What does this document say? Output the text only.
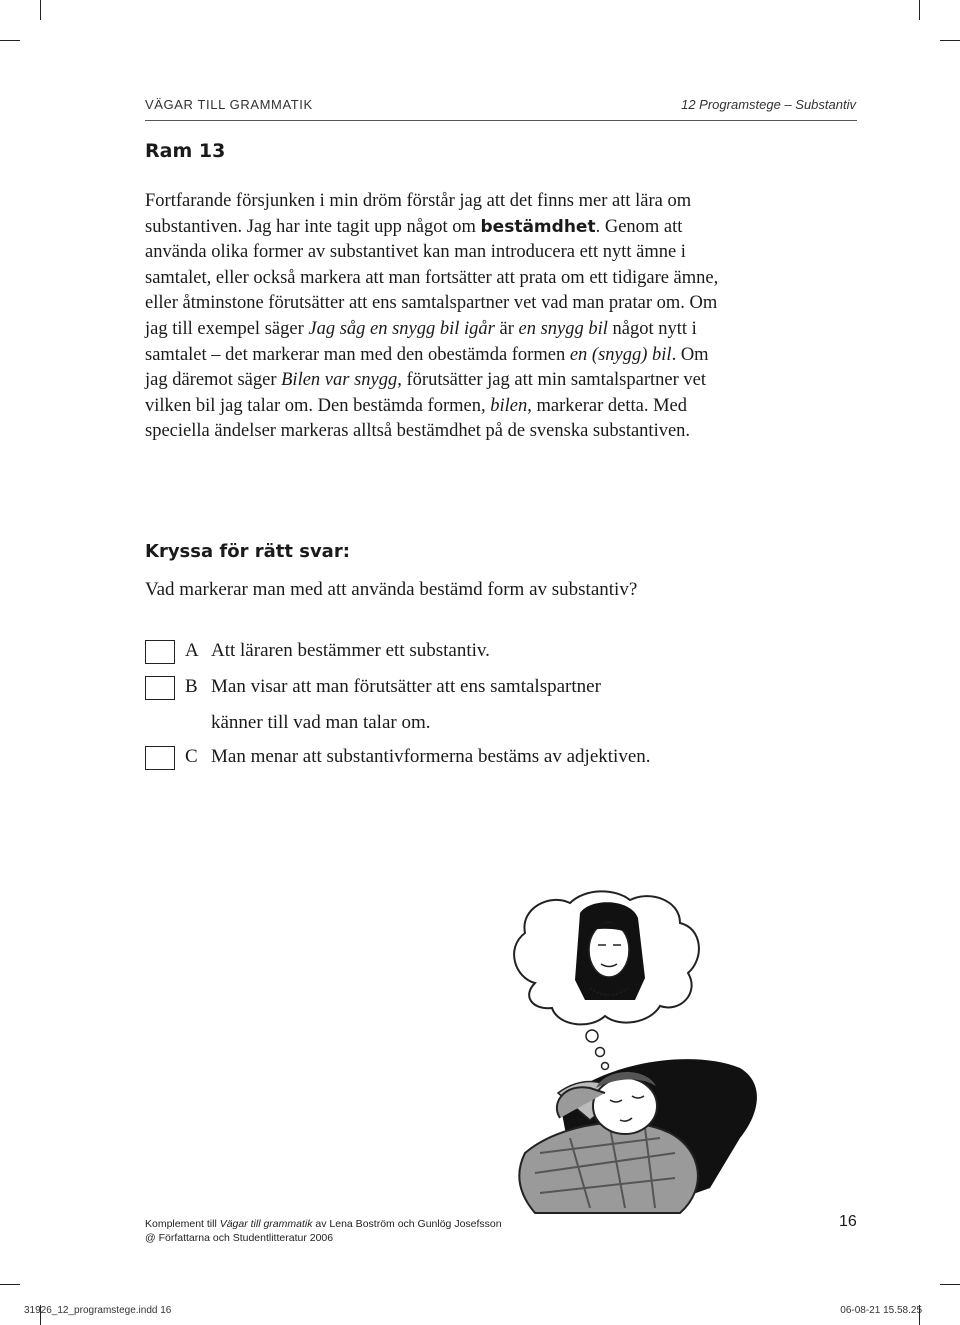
VÄGAR TILL GRAMMATIK	12 Programstege – Substantiv
Ram 13

Fortfarande försjunken i min dröm förstår jag att det finns mer att lära om substantiven. Jag har inte tagit upp något om bestämdhet. Genom att använda olika former av substantivet kan man introducera ett nytt ämne i samtalet, eller också markera att man fortsätter att prata om ett tidigare ämne, eller åtminstone förutsätter att ens samtalspartner vet vad man pratar om. Om jag till exempel säger Jag såg en snygg bil igår är en snygg bil något nytt i samtalet – det markerar man med den obestämda formen en (snygg) bil. Om jag däremot säger Bilen var snygg, förutsätter jag att min samtalspartner vet vilken bil jag talar om. Den bestämda formen, bilen, markerar detta. Med speciella ändelser markeras alltså bestämdhet på de svenska substantiven.

Kryssa för rätt svar:

Vad markerar man med att använda bestämd form av substantiv?

A Att läraren bestämmer ett substantiv.
B Man visar att man förutsätter att ens samtalspartner
känner till vad man talar om.
C Man menar att substantivformerna bestäms av adjektiven.
Komplement till Vägar till grammatik av Lena Boström och Gunlög Josefsson
@ Författarna och Studentlitteratur 2006
16
31926_12_programstege.indd 16	06-08-21 15.58.25
